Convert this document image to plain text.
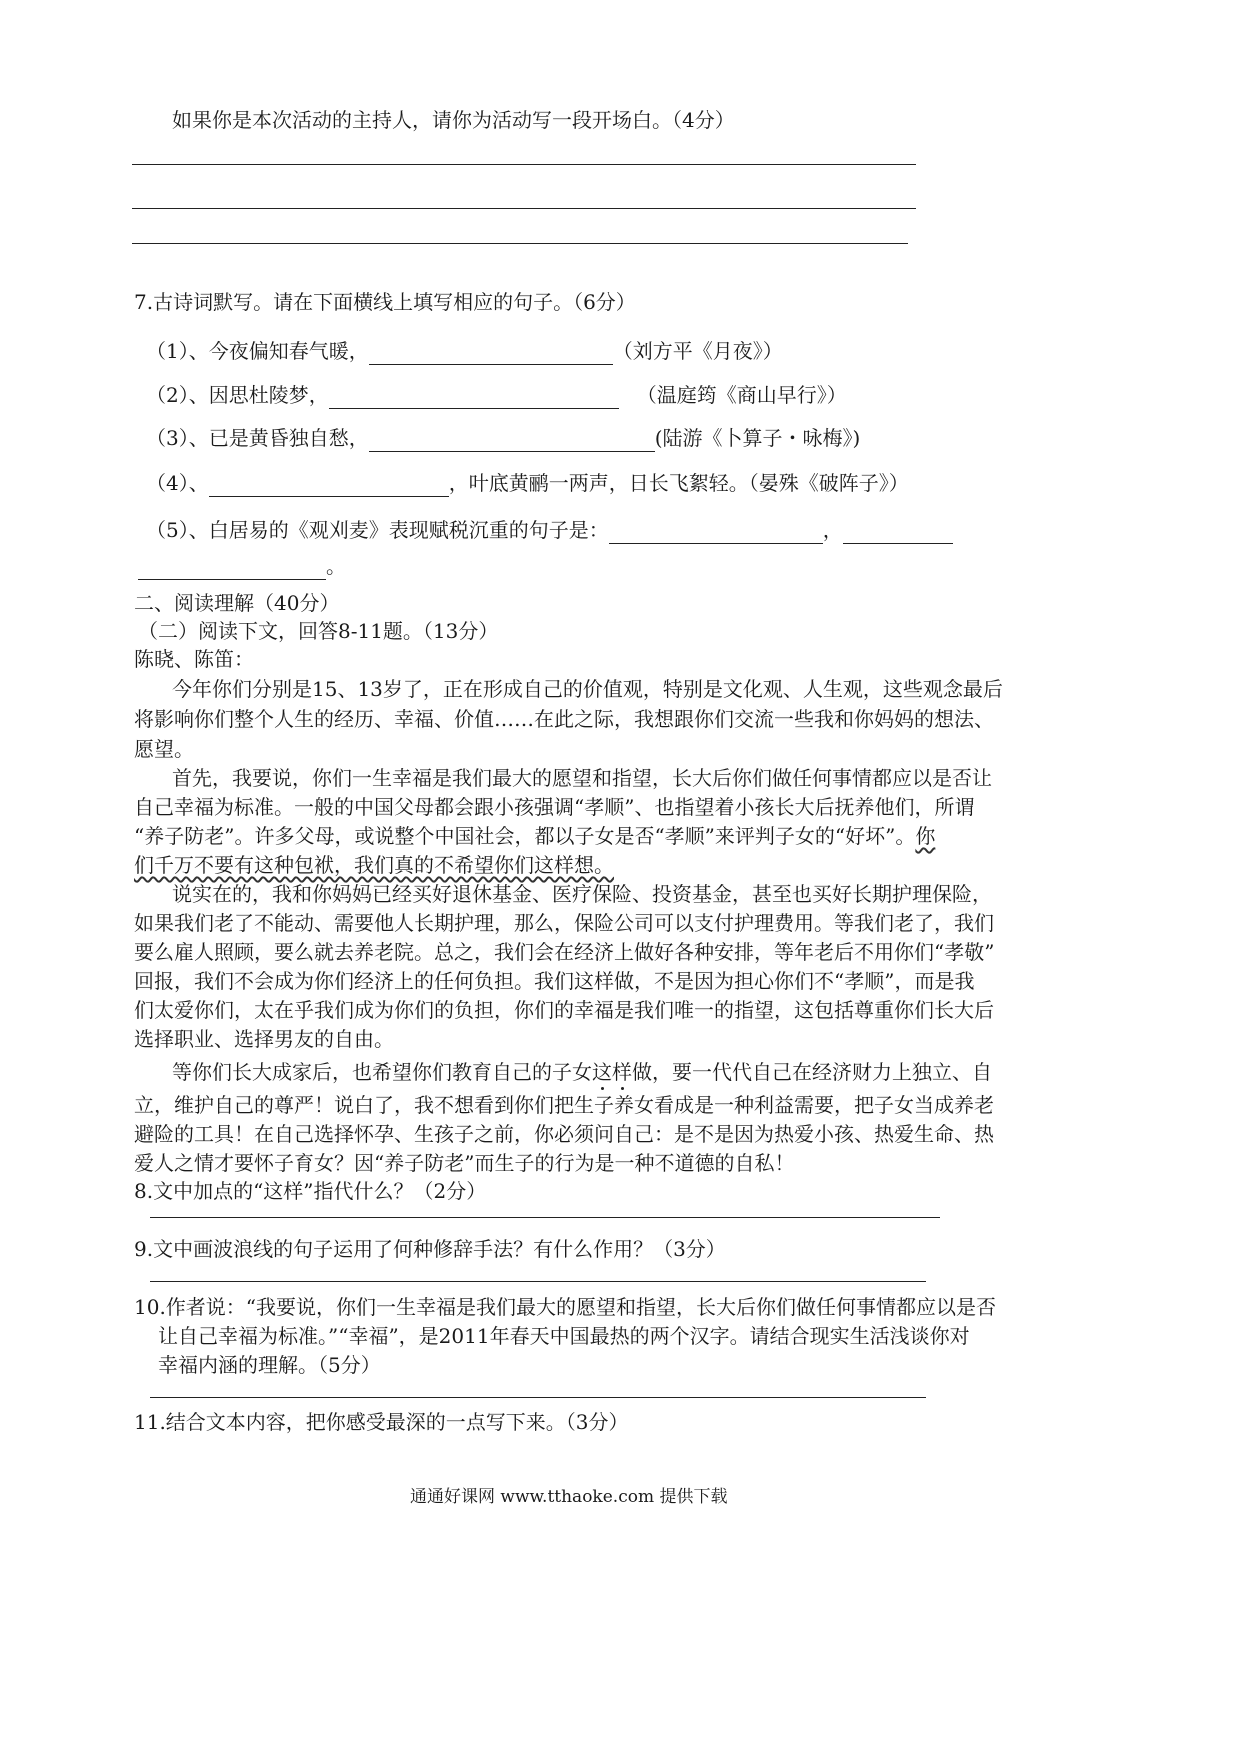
如果你是本次活动的主持人，请你为活动写一段开场白。（4分）
7.古诗词默写。请在下面横线上填写相应的句子。（6分）
（1）、今夜偏知春气暖，	（刘方平《月夜》）
（2）、因思杜陵梦，	（温庭筠《商山早行》）
（3）、已是黄昏独自愁，	(陆游《卜算子・咏梅》)
（4）、	，叶底黄鹂一两声，日长飞絮轻。（晏殊《破阵子》）
（5）、白居易的《观刈麦》表现赋税沉重的句子是：	，
。
二、阅读理解（40分）
（二）阅读下文，回答8-11题。（13分）
陈晓、陈笛：
今年你们分别是15、13岁了，正在形成自己的价值观，特别是文化观、人生观，这些观念最后
将影响你们整个人生的经历、幸福、价值……在此之际，我想跟你们交流一些我和你妈妈的想法、
愿望。
首先，我要说，你们一生幸福是我们最大的愿望和指望，长大后你们做任何事情都应以是否让
自己幸福为标准。一般的中国父母都会跟小孩强调“孝顺”、也指望着小孩长大后抚养他们，所谓
“养子防老”。许多父母，或说整个中国社会，都以子女是否“孝顺”来评判子女的“好坏”。你
们千万不要有这种包袱，我们真的不希望你们这样想。
说实在的，我和你妈妈已经买好退休基金、医疗保险、投资基金，甚至也买好长期护理保险，
如果我们老了不能动、需要他人长期护理，那么，保险公司可以支付护理费用。等我们老了，我们
要么雇人照顾，要么就去养老院。总之，我们会在经济上做好各种安排，等年老后不用你们“孝敬”
回报，我们不会成为你们经济上的任何负担。我们这样做，不是因为担心你们不“孝顺”，而是我
们太爱你们，太在乎我们成为你们的负担，你们的幸福是我们唯一的指望，这包括尊重你们长大后
选择职业、选择男友的自由。
等你们长大成家后，也希望你们教育自己的子女这样做，要一代代自己在经济财力上独立、自
立，维护自己的尊严！说白了，我不想看到你们把生子养女看成是一种利益需要，把子女当成养老
避险的工具！在自己选择怀孕、生孩子之前，你必须问自己：是不是因为热爱小孩、热爱生命、热
爱人之情才要怀子育女？因“养子防老”而生子的行为是一种不道德的自私！
8.文中加点的“这样”指代什么？（2分）
9.文中画波浪线的句子运用了何种修辞手法？有什么作用？（3分）
10.作者说：“我要说，你们一生幸福是我们最大的愿望和指望，长大后你们做任何事情都应以是否
让自己幸福为标准。”“幸福”，是2011年春天中国最热的两个汉字。请结合现实生活浅谈你对
幸福内涵的理解。（5分）
11.结合文本内容，把你感受最深的一点写下来。（3分）
通通好课网 www.tthaoke.com 提供下载
